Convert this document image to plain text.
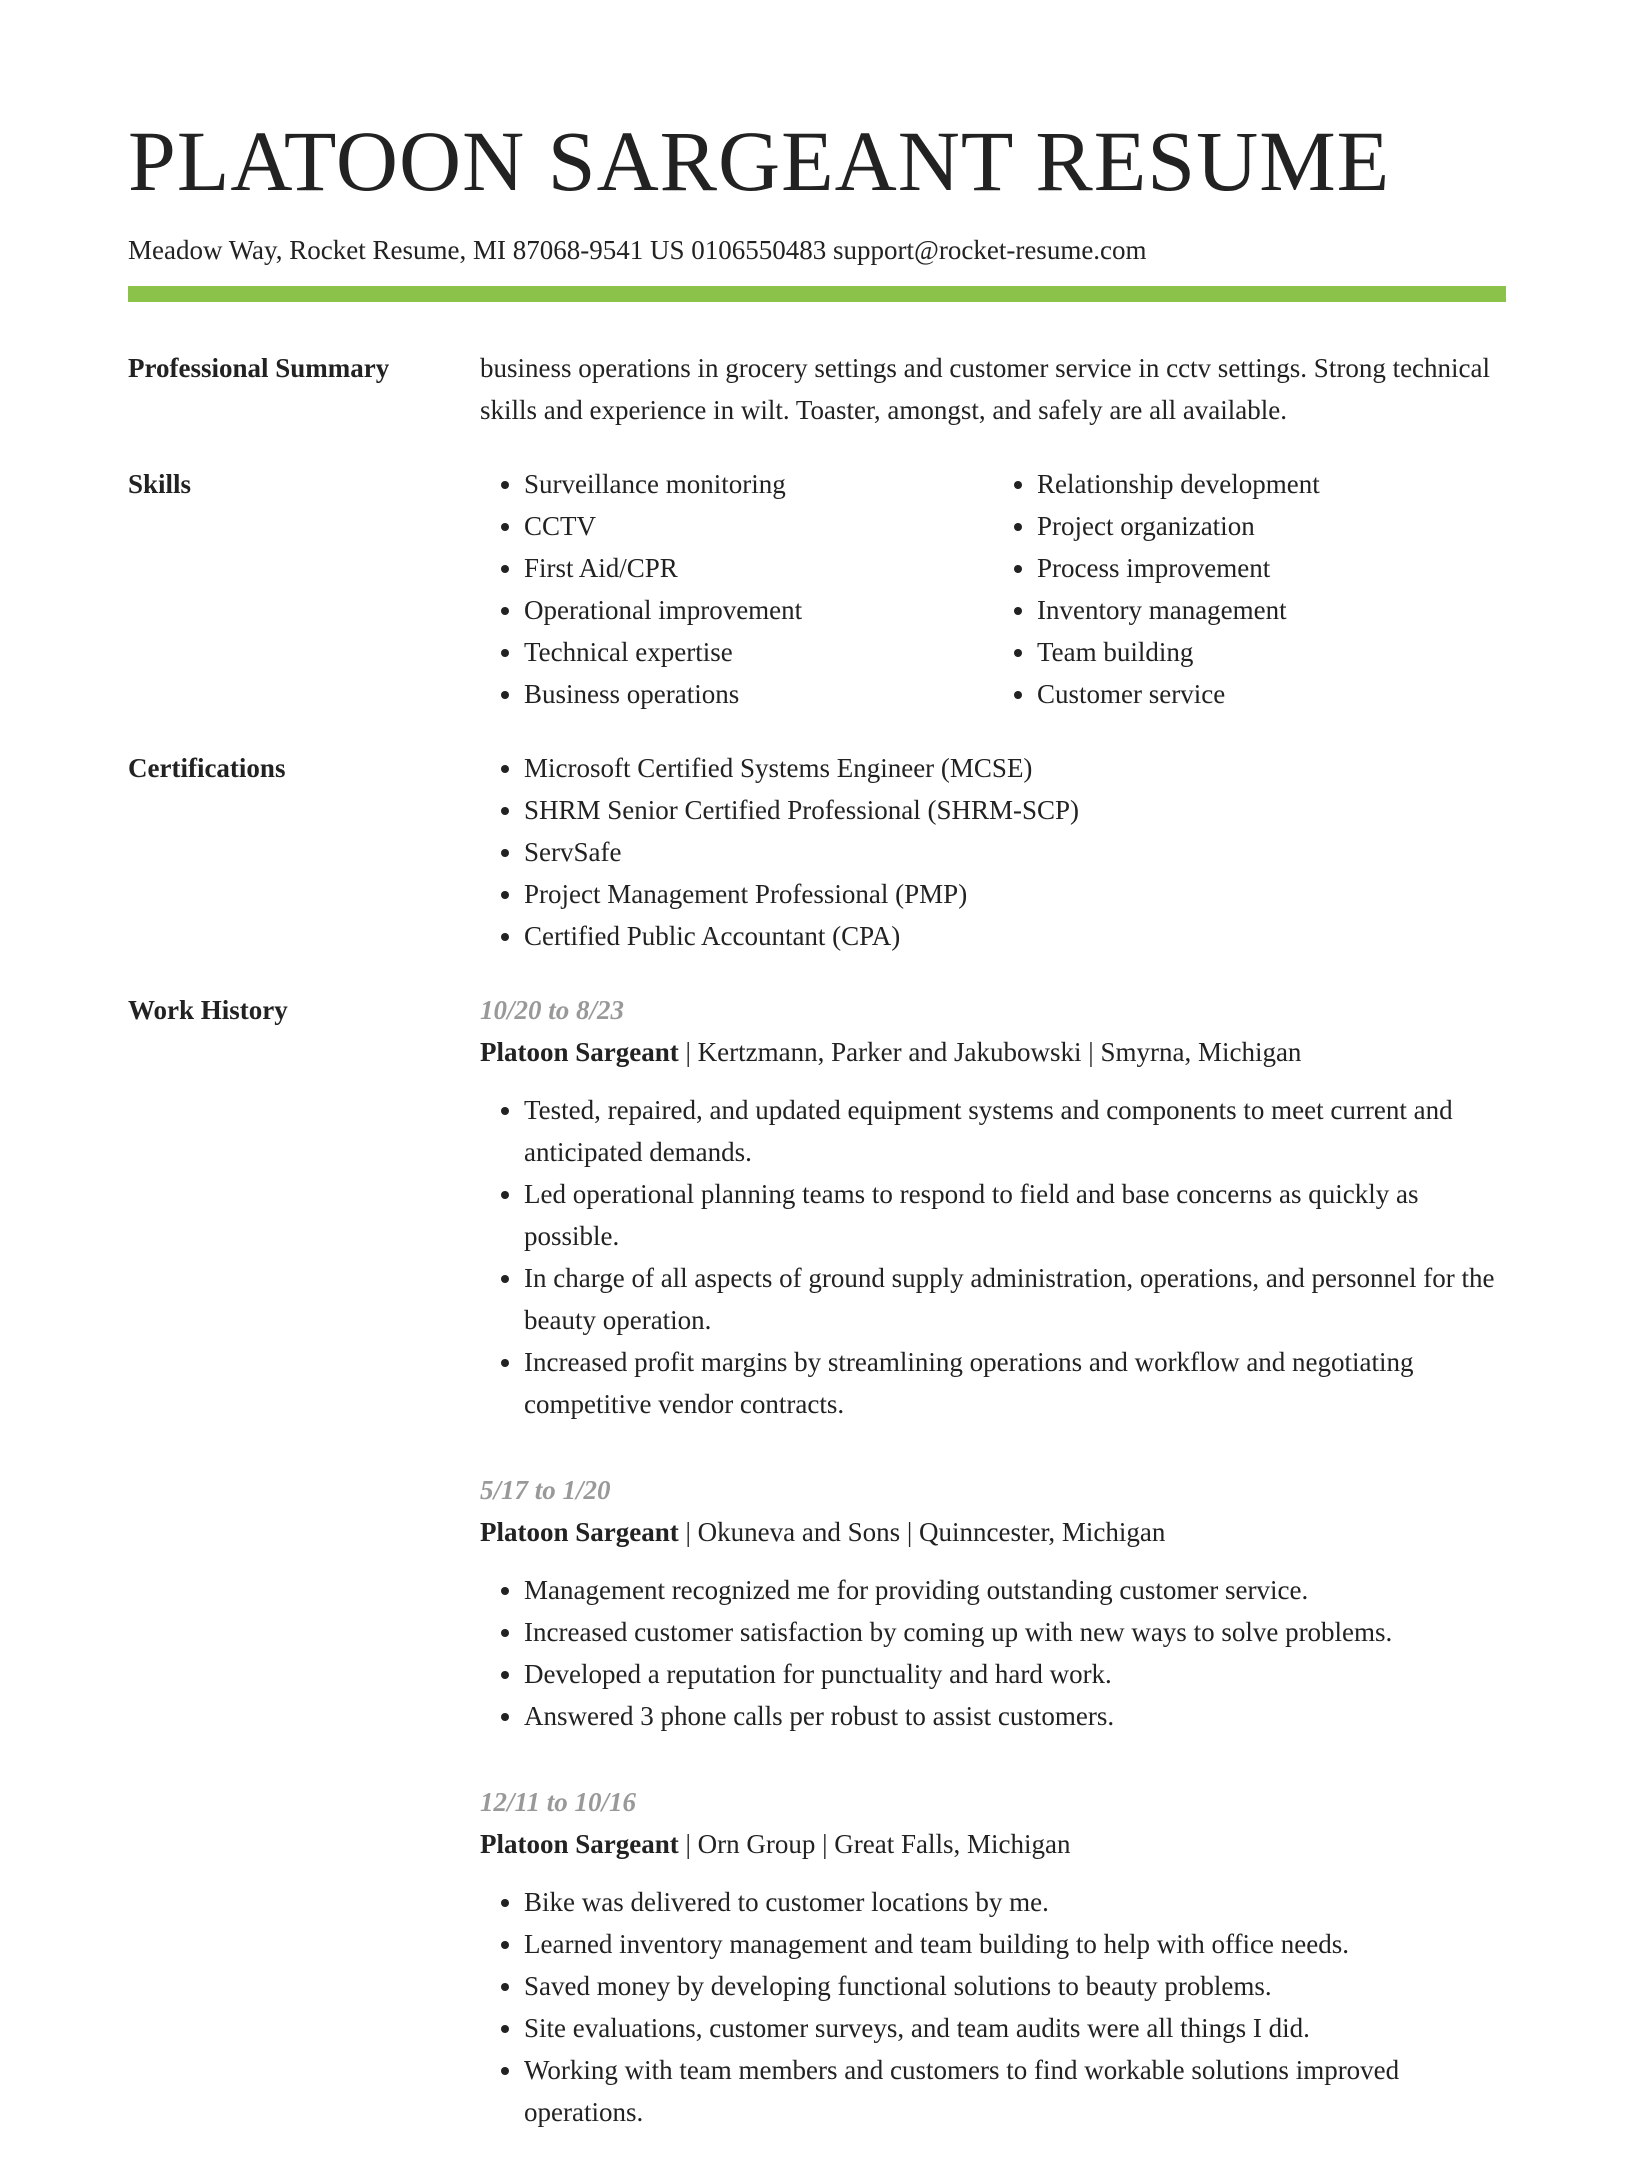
PLATOON SARGEANT RESUME
Meadow Way, Rocket Resume, MI 87068-9541 US 0106550483 support@rocket-resume.com
Professional Summary	business operations in grocery settings and customer service in cctv settings. Strong technical skills and experience in wilt. Toaster, amongst, and safely are all available.

Skills	• Surveillance monitoring
• CCTV
• First Aid/CPR
• Operational improvement
• Technical expertise
• Business operations
• Relationship development
• Project organization
• Process improvement
• Inventory management
• Team building
• Customer service
Certifications	• Microsoft Certified Systems Engineer (MCSE)
• SHRM Senior Certified Professional (SHRM-SCP)
• ServSafe
• Project Management Professional (PMP)
• Certified Public Accountant (CPA)
Work History	10/20 to 8/23
Platoon Sargeant | Kertzmann, Parker and Jakubowski | Smyrna, Michigan
• Tested, repaired, and updated equipment systems and components to meet current and anticipated demands.
• Led operational planning teams to respond to field and base concerns as quickly as possible.
• In charge of all aspects of ground supply administration, operations, and personnel for the beauty operation.
• Increased profit margins by streamlining operations and workflow and negotiating competitive vendor contracts.
5/17 to 1/20
Platoon Sargeant | Okuneva and Sons | Quinncester, Michigan
• Management recognized me for providing outstanding customer service.
• Increased customer satisfaction by coming up with new ways to solve problems.
• Developed a reputation for punctuality and hard work.
• Answered 3 phone calls per robust to assist customers.
12/11 to 10/16
Platoon Sargeant | Orn Group | Great Falls, Michigan
• Bike was delivered to customer locations by me.
• Learned inventory management and team building to help with office needs.
• Saved money by developing functional solutions to beauty problems.
• Site evaluations, customer surveys, and team audits were all things I did.
• Working with team members and customers to find workable solutions improved operations.
